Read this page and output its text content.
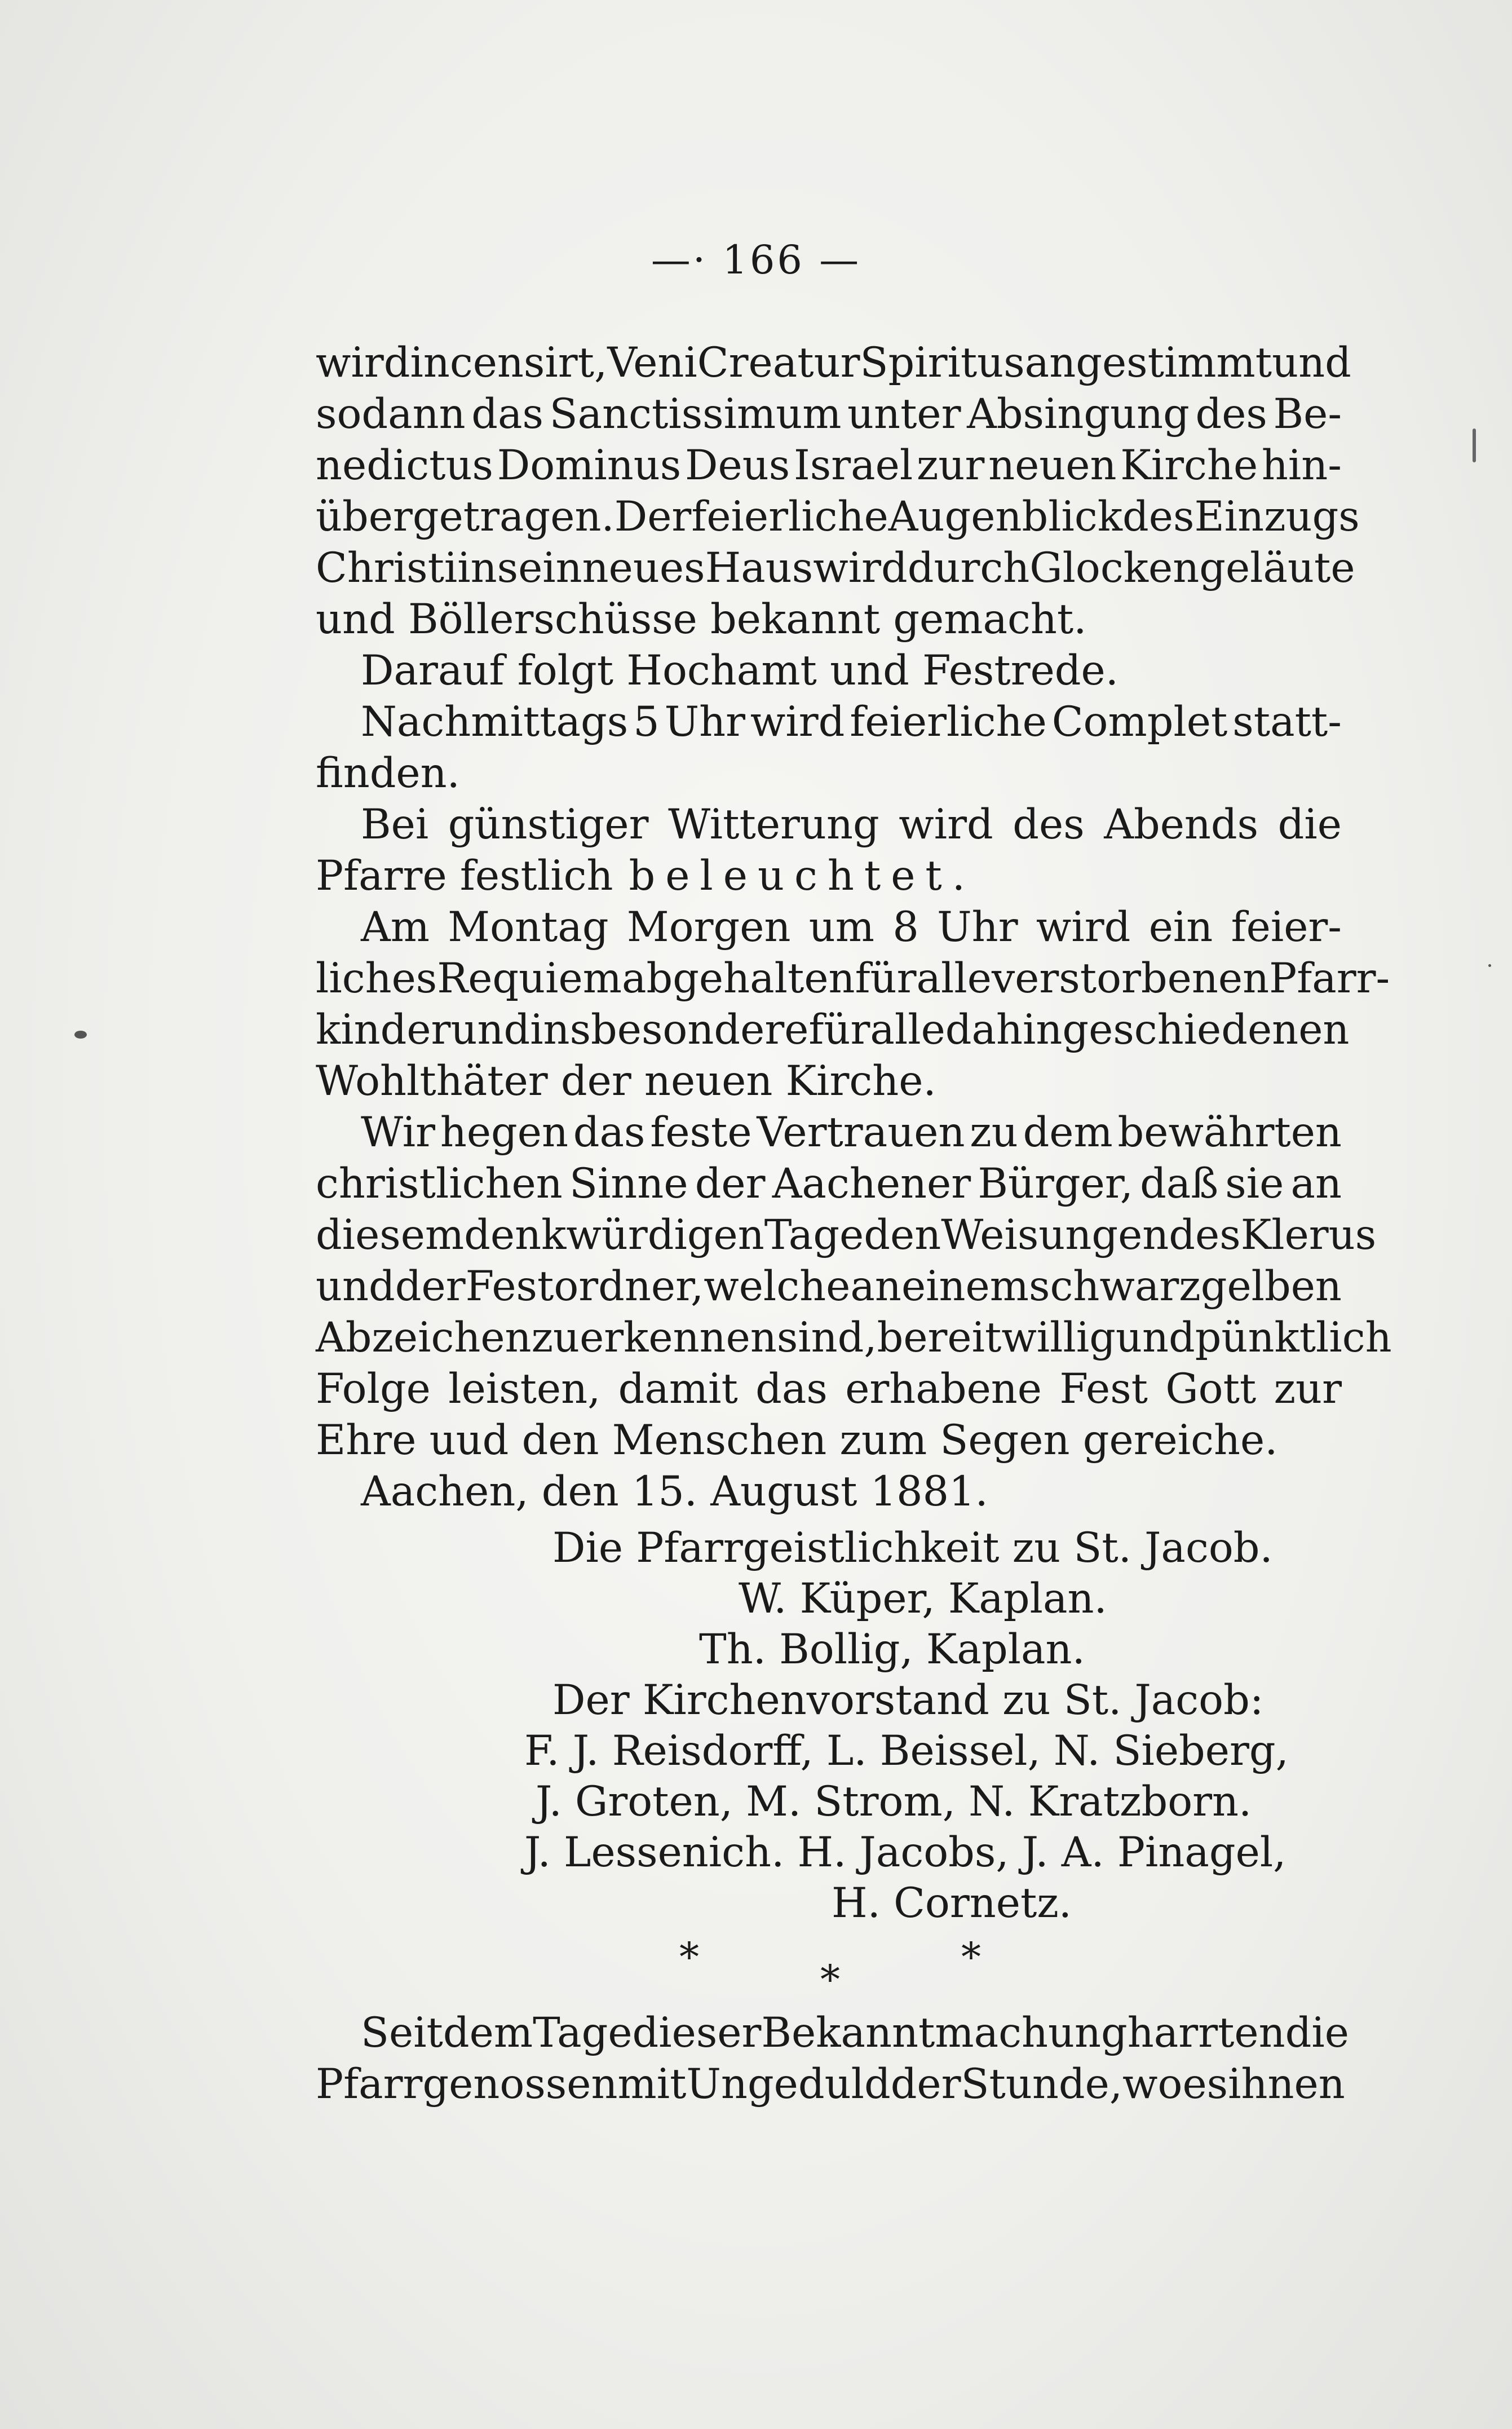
—· 166 —
wird incensirt, Veni Creatur Spiritus angestimmt und
sodann das Sanctissimum unter Absingung des Be-
nedictus Dominus Deus Israel zur neuen Kirche hin-
übergetragen. Der feierliche Augenblick des Einzugs
Christi in sein neues Haus wird durch Glockengeläute
und Böllerschüsse bekannt gemacht.
Darauf folgt Hochamt und Festrede.
Nachmittags 5 Uhr wird feierliche Complet statt-
finden.
Bei günstiger Witterung wird des Abends die
Pfarre festlich beleuchtet.
Am Montag Morgen um 8 Uhr wird ein feier-
liches Requiem abgehalten für alle verstorbenen Pfarr-
kinder und insbesondere für alle dahingeschiedenen
Wohlthäter der neuen Kirche.
Wir hegen das feste Vertrauen zu dem bewährten
christlichen Sinne der Aachener Bürger, daß sie an
diesem denkwürdigen Tage den Weisungen des Klerus
und der Festordner, welche an einem schwarzgelben
Abzeichen zu erkennen sind, bereitwillig und pünktlich
Folge leisten, damit das erhabene Fest Gott zur
Ehre uud den Menschen zum Segen gereiche.
Aachen, den 15. August 1881.
Die Pfarrgeistlichkeit zu St. Jacob.
W. Küper, Kaplan.
Th. Bollig, Kaplan.
Der Kirchenvorstand zu St. Jacob:
F. J. Reisdorff, L. Beissel, N. Sieberg,
J. Groten, M. Strom, N. Kratzborn.
J. Lessenich. H. Jacobs, J. A. Pinagel,
H. Cornetz.
*	*	*
Seit dem Tage dieser Bekanntmachung harrten die
Pfarrgenossen mit Ungeduld der Stunde, wo es ihnen
